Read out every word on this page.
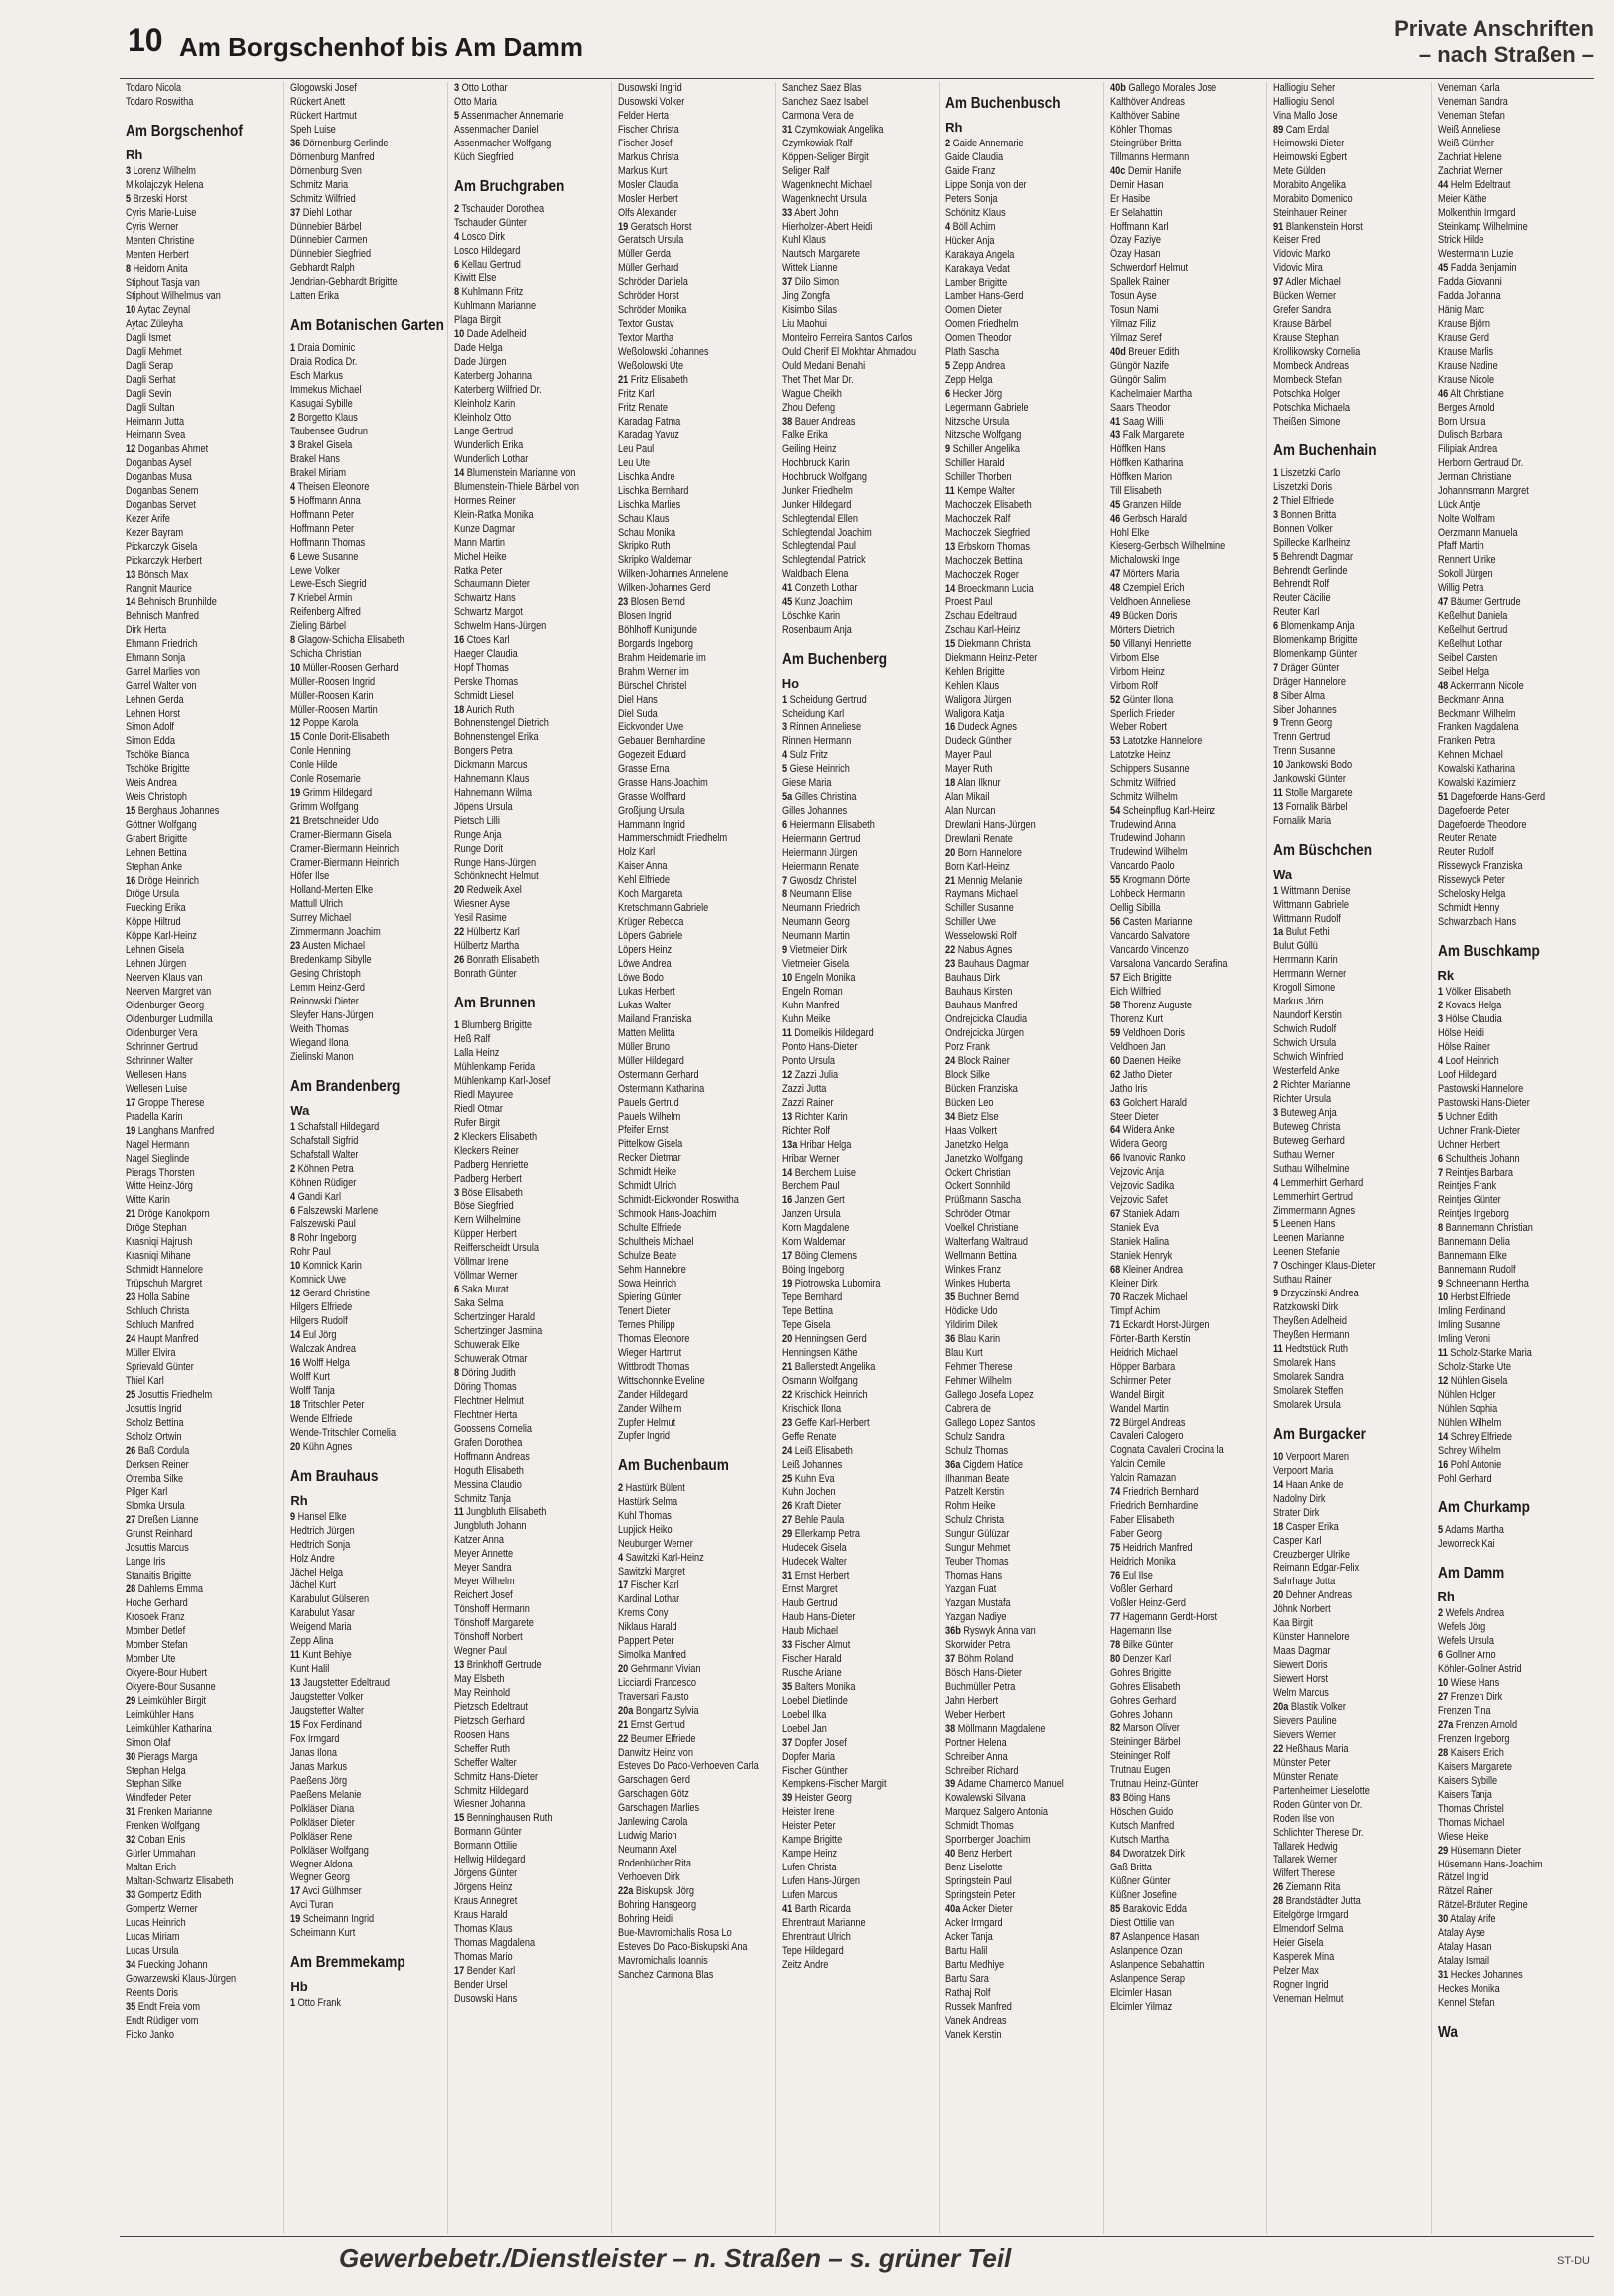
10 Am Borgschenhof bis Am Damm
Private Anschriften
– nach Straßen –
Todaro Nicola
Todaro Roswitha
Am Borgschenhof
Rh
3 Lorenz Wilhelm
Mikolajczyk Helena
5 Brzeski Horst
Cyris Marie-Luise
Cyris Werner
Menten Christine
Menten Herbert
8 Heidorn Anita
Stiphout Tasja van
Stiphout Wilhelmus van
10 Aytac Zeynal
Aytac Züleyha
Dagli Ismet
Dagli Mehmet
Dagli Serap
Dagli Serhat
Dagli Sevin
Dagli Sultan
Heimann Jutta
Heimann Svea
12 Doganbas Ahmet
Doganbas Aysel
Doganbas Musa
Doganbas Senem
Doganbas Servet
Kezer Arife
Kezer Bayram
Pickarczyk Gisela
Pickarczyk Herbert
13 Bönsch Max
Rangnit Maurice
14 Behnisch Brunhilde
Behnisch Manfred
Dirk Herta
Ehmann Friedrich
Ehmann Sonja
Garrel Marlies von
Garrel Walter von
Lehnen Gerda
Lehnen Horst
Simon Adolf
Simon Edda
Tschöke Bianca
Tschöke Brigitte
Weis Andrea
Weis Christoph
15 Berghaus Johannes
Göttner Wolfgang
Grabert Brigitte
Lehnen Bettina
Stephan Anke
16 Dröge Heinrich
Dröge Ursula
Fuecking Erika
Köppe Hiltrud
Köppe Karl-Heinz
Lehnen Gisela
Lehnen Jürgen
Neerven Klaus van
Neerven Margret van
Oldenburger Georg
Oldenburger Ludmilla
Oldenburger Vera
Schrinner Gertrud
Schrinner Walter
Wellesen Hans
Wellesen Luise
17 Groppe Therese
Pradella Karin
19 Langhans Manfred
Nagel Hermann
Nagel Sieglinde
Pierags Thorsten
Witte Heinz-Jörg
Witte Karin
21 Dröge Kanokporn
Dröge Stephan
Krasniqi Hajrush
Krasniqi Mihane
Schmidt Hannelore
Trüpschuh Margret
23 Holla Sabine
Schluch Christa
Schluch Manfred
24 Haupt Manfred
Müller Elvira
Sprievald Günter
Thiel Karl
25 Josuttis Friedhelm
Josuttis Ingrid
Scholz Bettina
Scholz Ortwin
26 Baß Cordula
Derksen Reiner
Otremba Silke
Pilger Karl
Slomka Ursula
27 Dreßen Lianne
Grunst Reinhard
Josuttis Marcus
Lange Iris
Stanaitis Brigitte
28 Dahlems Emma
Hoche Gerhard
Krosoek Franz
Momber Detlef
Momber Stefan
Momber Ute
Okyere-Bour Hubert
Okyere-Bour Susanne
29 Leimkühler Birgit
Leimkühler Hans
Leimkühler Katharina
Simon Olaf
30 Pierags Marga
Stephan Helga
Stephan Silke
Windfeder Peter
31 Frenken Marianne
Frenken Wolfgang
32 Coban Enis
Gürler Ummahan
Maltan Erich
Maltan-Schwartz Elisabeth
33 Gompertz Edith
Gompertz Werner
Lucas Heinrich
Lucas Miriam
Lucas Ursula
34 Fuecking Johann
Gowarzewski Klaus-Jürgen
Reents Doris
35 Endt Freia vom
Endt Rüdiger vom
Ficko Janko
Glogowski Josef
Rückert Anett
Rückert Hartmut
Speh Luise
36 Dörnenburg Gerlinde
Dörnenburg Manfred
Dörnenburg Sven
Schmitz Maria
Schmitz Wilfried
37 Diehl Lothar
Dünnebier Bärbel
Dünnebier Carmen
Dünnebier Siegfried
Gebhardt Ralph
Jendrian-Gebhardt Brigitte
Latten Erika
Am Botanischen Garten
1 Draia Dominic
Draia Rodica Dr.
Esch Markus
Immekus Michael
Kasugai Sybille
2 Borgetto Klaus
Taubensee Gudrun
3 Brakel Gisela
Brakel Hans
Brakel Miriam
4 Theisen Eleonore
5 Hoffmann Anna
Hoffmann Peter
Hoffmann Peter
Hoffmann Thomas
6 Lewe Susanne
Lewe Volker
Lewe-Esch Siegrid
7 Kriebel Armin
Reifenberg Alfred
Zieling Bärbel
8 Glagow-Schicha Elisabeth
Schicha Christian
10 Müller-Roosen Gerhard
Müller-Roosen Ingrid
Müller-Roosen Karin
Müller-Roosen Martin
12 Poppe Karola
15 Conle Dorit-Elisabeth
Conle Henning
Conle Hilde
Conle Rosemarie
19 Grimm Hildegard
Grimm Wolfgang
21 Bretschneider Udo
Cramer-Biermann Gisela
Cramer-Biermann Heinrich
Cramer-Biermann Heinrich
Höfer Ilse
Holland-Merten Elke
Mattull Ulrich
Surrey Michael
Zimmermann Joachim
23 Austen Michael
Bredenkamp Sibylle
Gesing Christoph
Lemm Heinz-Gerd
Reinowski Dieter
Sleyfer Hans-Jürgen
Weith Thomas
Wiegand Ilona
Zielinski Manon
Am Brandenberg
Wa
1 Schafstall Hildegard
Schafstall Sigfrid
Schafstall Walter
2 Köhnen Petra
Köhnen Rüdiger
4 Gandi Karl
6 Falszewski Marlene
Falszewski Paul
8 Rohr Ingeborg
Rohr Paul
10 Komnick Karin
Komnick Uwe
12 Gerard Christine
Hilgers Elfriede
Hilgers Rudolf
14 Eul Jörg
Walczak Andrea
16 Wolff Helga
Wolff Kurt
Wolff Tanja
18 Tritschler Peter
Wende Elfriede
Wende-Tritschler Cornelia
20 Kühn Agnes
Am Brauhaus
Rh
9 Hansel Elke
Hedtrich Jürgen
Hedtrich Sonja
Holz Andre
Jächel Helga
Jächel Kurt
Karabulut Gülseren
Karabulut Yasar
Weigend Maria
Zepp Alina
11 Kunt Behiye
Kunt Halil
13 Jaugstetter Edeltraud
Jaugstetter Volker
Jaugstetter Walter
15 Fox Ferdinand
Fox Irmgard
Janas Ilona
Janas Markus
Paeßens Jörg
Paeßens Melanie
Polkläser Diana
Polkläser Dieter
Polkläser Rene
Polkläser Wolfgang
Wegner Aldona
Wegner Georg
17 Avci Gülhmser
Avci Turan
19 Scheimann Ingrid
Scheimann Kurt
Am Bremmekamp
Hb
1 Otto Frank
3 Otto Lothar
Otto Maria
5 Assenmacher Annemarie
Assenmacher Daniel
Assenmacher Wolfgang
Küch Siegfried
Am Bruchgraben
2 Tschauder Dorothea
Tschauder Günter
4 Losco Dirk
Losco Hildegard
6 Kellau Gertrud
Kiwitt Else
8 Kuhlmann Fritz
Kuhlmann Marianne
Plaga Birgit
10 Dade Adelheid
Dade Helga
Dade Jürgen
Katerberg Johanna
Katerberg Wilfried Dr.
Kleinholz Karin
Kleinholz Otto
Lange Gertrud
Wunderlich Erika
Wunderlich Lothar
14 Blumenstein Marianne von
Blumenstein-Thiele Bärbel von
Hormes Reiner
Klein-Ratka Monika
Kunze Dagmar
Mann Martin
Michel Heike
Ratka Peter
Schaumann Dieter
Schwartz Hans
Schwartz Margot
Schwelm Hans-Jürgen
16 Ctoes Karl
Haeger Claudia
Hopf Thomas
Perske Thomas
Schmidt Liesel
18 Aurich Ruth
Bohnenstengel Dietrich
Bohnenstengel Erika
Bongers Petra
Dickmann Marcus
Hahnemann Klaus
Hahnemann Wilma
Jöpens Ursula
Pietsch Lilli
Runge Anja
Runge Dorit
Runge Hans-Jürgen
Schönknecht Helmut
20 Redweik Axel
Wiesner Ayse
Yesil Rasime
22 Hülbertz Karl
Hülbertz Martha
26 Bonrath Elisabeth
Bonrath Günter
Am Brunnen
1 Blumberg Brigitte
Heß Ralf
Lalla Heinz
Mühlenkamp Ferida
Mühlenkamp Karl-Josef
Riedl Mayuree
Riedl Otmar
Rufer Birgit
2 Kleckers Elisabeth
Kleckers Reiner
Padberg Henriette
Padberg Herbert
3 Böse Elisabeth
Böse Siegfried
Kern Wilhelmine
Küpper Herbert
Reifferscheidt Ursula
Völlmar Irene
Völlmar Werner
6 Saka Murat
Saka Selma
Schertzinger Harald
Schertzinger Jasmina
Schuwerak Elke
Schuwerak Otmar
8 Döring Judith
Döring Thomas
Flechtner Helmut
Flechtner Herta
Goossens Cornelia
Grafen Dorothea
Hoffmann Andreas
Hoguth Elisabeth
Messina Claudio
Schmitz Tanja
11 Jungbluth Elisabeth
Jungbluth Johann
Katzer Anna
Meyer Annette
Meyer Sandra
Meyer Wilhelm
Reichert Josef
Tönshoff Hermann
Tönshoff Margarete
Tönshoff Norbert
Wegner Paul
13 Brinkhoff Gertrude
May Elsbeth
May Reinhold
Pietzsch Edeltraut
Pietzsch Gerhard
Roosen Hans
Scheffer Ruth
Scheffer Walter
Schmitz Hans-Dieter
Schmitz Hildegard
Wiesner Johanna
15 Benninghausen Ruth
Bormann Günter
Bormann Ottilie
Hellwig Hildegard
Jörgens Günter
Jörgens Heinz
Kraus Annegret
Kraus Harald
Thomas Klaus
Thomas Magdalena
Thomas Mario
17 Bender Karl
Bender Ursel
Dusowski Hans
Dusowski Ingrid
Dusowski Volker
Felder Herta
Fischer Christa
Fischer Josef
Markus Christa
Markus Kurt
Mosler Claudia
Mosler Herbert
Olfs Alexander
19 Geratsch Horst
Geratsch Ursula
Müller Gerda
Müller Gerhard
Schröder Daniela
Schröder Horst
Schröder Monika
Textor Gustav
Textor Martha
Weßolowski Johannes
Weßolowski Ute
21 Fritz Elisabeth
Fritz Karl
Fritz Renate
Karadag Fatma
Karadag Yavuz
Leu Paul
Leu Ute
Lischka Andre
Lischka Bernhard
Lischka Marlies
Schau Klaus
Schau Monika
Skripko Ruth
Skripko Waldemar
Wilken-Johannes Annelene
Wilken-Johannes Gerd
23 Blosen Bernd
Blosen Ingrid
Böhlhoff Kunigunde
Borgards Ingeborg
Brahm Heidemarie im
Brahm Werner im
Bürschel Christel
Diel Hans
Diel Suda
Eickvonder Uwe
Gebauer Bernhardine
Gogezeit Eduard
Grasse Erna
Grasse Hans-Joachim
Grasse Wolfhard
Großjung Ursula
Hammann Ingrid
Hammerschmidt Friedhelm
Holz Karl
Kaiser Anna
Kehl Elfriede
Koch Margareta
Kretschmann Gabriele
Krüger Rebecca
Löpers Gabriele
Löpers Heinz
Löwe Andrea
Löwe Bodo
Lukas Herbert
Lukas Walter
Mailand Franziska
Matten Melitta
Müller Bruno
Müller Hildegard
Ostermann Gerhard
Ostermann Katharina
Pauels Gertrud
Pauels Wilhelm
Pfeifer Ernst
Pittelkow Gisela
Recker Dietmar
Schmidt Heike
Schmidt Ulrich
Schmidt-Eickvonder Roswitha
Schmook Hans-Joachim
Schulte Elfriede
Schultheis Michael
Schulze Beate
Sehm Hannelore
Sowa Heinrich
Spiering Günter
Tenert Dieter
Ternes Philipp
Thomas Eleonore
Wieger Hartmut
Wittbrodt Thomas
Wittschonnke Eveline
Zander Hildegard
Zander Wilhelm
Zupfer Helmut
Zupfer Ingrid
Am Buchenbaum
2 Hastürk Bülent
Hastürk Selma
Kuhl Thomas
Lupjick Heiko
Neuburger Werner
4 Sawitzki Karl-Heinz
Sawitzki Margret
17 Fischer Karl
Kardinal Lothar
Krems Cony
Niklaus Harald
Pappert Peter
Simolka Manfred
20 Gehrmann Vivian
Licciardi Francesco
Traversari Fausto
20a Bongartz Sylvia
21 Ernst Gertrud
22 Beumer Elfriede
Danwitz Heinz von
Esteves Do Paco-Verhoeven Carla
Garschagen Gerd
Garschagen Götz
Garschagen Marlies
Janlewing Carola
Ludwig Marion
Neumann Axel
Rodenbücher Rita
Verhoeven Dirk
22a Biskupski Jörg
Bohring Hansgeorg
Bohring Heidi
Bue-Mavromichalis Rosa Lo
Esteves Do Paco-Biskupski Ana
Mavromichalis Ioannis
Sanchez Carmona Blas
Sanchez Saez Blas
Sanchez Saez Isabel
Carmona Vera de
31 Czymkowiak Angelika
Czymkowiak Ralf
Köppen-Seliger Birgit
Seliger Ralf
Wagenknecht Michael
Wagenknecht Ursula
33 Abert John
Hierholzer-Abert Heidi
Kuhl Klaus
Nautsch Margarete
Wittek Lianne
37 Dilo Simon
Jing Zongfa
Kisimbo Silas
Liu Maohui
Monteiro Ferreira Santos Carlos
Ould Cherif El Mokhtar Ahmadou
Ould Medani Benahi
Thet Thet Mar Dr.
Wague Cheikh
Zhou Defeng
38 Bauer Andreas
Falke Erika
Geiling Heinz
Hochbruck Karin
Hochbruck Wolfgang
Junker Friedhelm
Junker Hildegard
Schlegtendal Ellen
Schlegtendal Joachim
Schlegtendal Paul
Schlegtendal Patrick
Waldbach Elena
41 Conzeth Lothar
45 Kunz Joachim
Löschke Karin
Rosenbaum Anja
Am Buchenberg
Ho
1 Scheidung Gertrud
Scheidung Karl
3 Rinnen Anneliese
Rinnen Hermann
4 Sulz Fritz
5 Giese Heinrich
Giese Maria
5a Gilles Christina
Gilles Johannes
6 Heiermann Elisabeth
Heiermann Gertrud
Heiermann Jürgen
Heiermann Renate
7 Gwosdz Christel
8 Neumann Elise
Neumann Friedrich
Neumann Georg
Neumann Martin
9 Vietmeier Dirk
Vietmeier Gisela
10 Engeln Monika
Engeln Roman
Kuhn Manfred
Kuhn Meike
11 Domeikis Hildegard
Ponto Hans-Dieter
Ponto Ursula
12 Zazzi Julia
Zazzi Jutta
Zazzi Rainer
13 Richter Karin
Richter Rolf
13a Hribar Helga
Hribar Werner
14 Berchem Luise
Berchem Paul
16 Janzen Gert
Janzen Ursula
Korn Magdalene
Korn Waldemar
17 Böing Clemens
Böing Ingeborg
19 Piotrowska Lubomira
Tepe Bernhard
Tepe Bettina
Tepe Gisela
20 Henningsen Gerd
Henningsen Käthe
21 Ballerstedt Angelika
Osmann Wolfgang
22 Krischick Heinrich
Krischick Ilona
23 Geffe Karl-Herbert
Geffe Renate
24 Leiß Elisabeth
Leiß Johannes
25 Kuhn Eva
Kuhn Jochen
26 Kraft Dieter
27 Behle Paula
29 Ellerkamp Petra
Hudecek Gisela
Hudecek Walter
31 Ernst Herbert
Ernst Margret
Haub Gertrud
Haub Hans-Dieter
Haub Michael
33 Fischer Almut
Fischer Harald
Rusche Ariane
35 Balters Monika
Loebel Dietlinde
Loebel Ilka
Loebel Jan
37 Dopfer Josef
Dopfer Maria
Fischer Günther
Kempkens-Fischer Margit
39 Heister Georg
Heister Irene
Heister Peter
Kampe Brigitte
Kampe Heinz
Lufen Christa
Lufen Hans-Jürgen
Lufen Marcus
41 Barth Ricarda
Ehrentraut Marianne
Ehrentraut Ulrich
Tepe Hildegard
Zeitz Andre
Am Buchenbusch
Rh
2 Gaide Annemarie
Gaide Claudia
Gaide Franz
Lippe Sonja von der
Peters Sonja
Schönitz Klaus
4 Böll Achim
Hücker Anja
Karakaya Angela
Karakaya Vedat
Lamber Brigitte
Lamber Hans-Gerd
Oomen Dieter
Oomen Friedhelm
Oomen Theodor
Plath Sascha
5 Zepp Andrea
Zepp Helga
6 Hecker Jörg
Legermann Gabriele
Nitzsche Ursula
Nitzsche Wolfgang
9 Schiller Angelika
Schiller Harald
Schiller Thorben
11 Kempe Walter
Machoczek Elisabeth
Machoczek Ralf
Machoczek Siegfried
13 Erbskorn Thomas
Machoczek Bettina
Machoczek Roger
14 Broeckmann Lucia
Proest Paul
Zschau Edeltraud
Zschau Karl-Heinz
15 Diekmann Christa
Diekmann Heinz-Peter
Kehlen Brigitte
Kehlen Klaus
Waligora Jürgen
Waligora Katja
16 Dudeck Agnes
Dudeck Günther
Mayer Paul
Mayer Ruth
18 Alan Ilknur
Alan Mikail
Alan Nurcan
Drewlani Hans-Jürgen
Drewlani Renate
20 Born Hannelore
Born Karl-Heinz
21 Mennig Melanie
Raymans Michael
Schiller Susanne
Schiller Uwe
Wesselowski Rolf
22 Nabus Agnes
23 Bauhaus Dagmar
Bauhaus Dirk
Bauhaus Kirsten
Bauhaus Manfred
Ondrejcicka Claudia
Ondrejcicka Jürgen
Porz Frank
24 Block Rainer
Block Silke
Bücken Franziska
Bücken Leo
34 Bietz Else
Haas Volkert
Janetzko Helga
Janetzko Wolfgang
Ockert Christian
Ockert Sonnhild
Prüßmann Sascha
Schröder Otmar
Voelkel Christiane
Walterfang Waltraud
Wellmann Bettina
Winkes Franz
Winkes Huberta
35 Buchner Bernd
Hödicke Udo
Yildirim Dilek
36 Blau Karin
Blau Kurt
Fehmer Therese
Fehmer Wilhelm
Gallego Josefa Lopez
Cabrera de
Gallego Lopez Santos
Schulz Sandra
Schulz Thomas
36a Cigdem Hatice
Ilhanman Beate
Patzelt Kerstin
Rohm Heike
Schulz Christa
Sungur Gülüzar
Sungur Mehmet
Teuber Thomas
Thomas Hans
Yazgan Fuat
Yazgan Mustafa
Yazgan Nadiye
36b Ryswyk Anna van
Skorwider Petra
37 Böhm Roland
Bösch Hans-Dieter
Buchmüller Petra
Jahn Herbert
Weber Herbert
38 Möllmann Magdalene
Portner Helena
Schreiber Anna
Schreiber Richard
39 Adame Chamerco Manuel
Kowalewski Silvana
Marquez Salgero Antonia
Schmidt Thomas
Sporrberger Joachim
40 Benz Herbert
Benz Liselotte
Springstein Paul
Springstein Peter
40a Acker Dieter
Acker Irmgard
Acker Tanja
Bartu Halil
Bartu Medhiye
Bartu Sara
Rathaj Rolf
Russek Manfred
Vanek Andreas
Vanek Kerstin
40b Gallego Morales Jose
Kalthöver Andreas
Kalthöver Sabine
Köhler Thomas
Steingrüber Britta
Tillmanns Hermann
40c Demir Hanife
Demir Hasan
Er Hasibe
Er Selahattin
Hoffmann Karl
Özay Faziye
Özay Hasan
Schwerdorf Helmut
Spallek Rainer
Tosun Ayse
Tosun Nami
Yilmaz Filiz
Yilmaz Seref
40d Breuer Edith
Güngör Nazife
Güngör Salim
Kachelmaier Martha
Saars Theodor
41 Saag Willi
43 Falk Margarete
Höffken Hans
Höffken Katharina
Höffken Marion
Till Elisabeth
45 Granzen Hilde
46 Gerbsch Harald
Hohl Elke
Kieserg-Gerbsch Wilhelmine
Michalowski Inge
47 Mörters Maria
48 Czempiel Erich
Veldhoen Anneliese
49 Bücken Doris
Mörters Dietrich
50 Villanyi Henriette
Virbom Else
Virbom Heinz
Virbom Rolf
52 Günter Ilona
Sperlich Frieder
Weber Robert
53 Latotzke Hannelore
Latotzke Heinz
Schippers Susanne
Schmitz Wilfried
Schmitz Wilhelm
54 Scheinpflug Karl-Heinz
Trudewind Anna
Trudewind Johann
Trudewind Wilhelm
Vancardo Paolo
55 Krogmann Dörte
Lohbeck Hermann
Oellig Sibilla
56 Casten Marianne
Vancardo Salvatore
Vancardo Vincenzo
Varsalona Vancardo Serafina
57 Eich Brigitte
Eich Wilfried
58 Thorenz Auguste
Thorenz Kurt
59 Veldhoen Doris
Veldhoen Jan
60 Daenen Heike
62 Jatho Dieter
Jatho Iris
63 Golchert Harald
Steer Dieter
64 Widera Anke
Widera Georg
66 Ivanovic Ranko
Vejzovic Anja
Vejzovic Sadika
Vejzovic Safet
67 Staniek Adam
Staniek Eva
Staniek Halina
Staniek Henryk
68 Kleiner Andrea
Kleiner Dirk
70 Raczek Michael
Timpf Achim
71 Eckardt Horst-Jürgen
Förter-Barth Kerstin
Heidrich Michael
Höpper Barbara
Schirmer Peter
Wandel Birgit
Wandel Martin
72 Bürgel Andreas
Cavaleri Calogero
Cognata Cavaleri Crocina la
Yalcin Cemile
Yalcin Ramazan
74 Friedrich Bernhard
Friedrich Bernhardine
Faber Elisabeth
Faber Georg
75 Heidrich Manfred
Heidrich Monika
76 Eul Ilse
Voßler Gerhard
Voßler Heinz-Gerd
77 Hagemann Gerdt-Horst
Hagemann Ilse
78 Bilke Günter
80 Denzer Karl
Gohres Brigitte
Gohres Elisabeth
Gohres Gerhard
Gohres Johann
82 Marson Oliver
Steininger Bärbel
Steininger Rolf
Trutnau Eugen
Trutnau Heinz-Günter
83 Böing Hans
Höschen Guido
Kutsch Manfred
Kutsch Martha
84 Dworatzek Dirk
Gaß Britta
Küßner Günter
Küßner Josefine
85 Barakovic Edda
Diest Ottilie van
87 Aslanpence Hasan
Aslanpence Ozan
Aslanpence Sebahattin
Aslanpence Serap
Elcimler Hasan
Elcimler Yilmaz
Halliogiu Seher
Halliogiu Senol
Vina Mallo Jose
89 Cam Erdal
Heimowski Dieter
Heimowski Egbert
Mete Gülden
Morabito Angelika
Morabito Domenico
Steinhauer Reiner
91 Blankenstein Horst
Keiser Fred
Vidovic Marko
Vidovic Mira
97 Adler Michael
Bücken Werner
Grefer Sandra
Krause Bärbel
Krause Stephan
Krollikowsky Cornelia
Mombeck Andreas
Mombeck Stefan
Potschka Holger
Potschka Michaela
Theißen Simone
Am Buchenhain
1 Liszetzki Carlo
Liszetzki Doris
2 Thiel Elfriede
3 Bonnen Britta
Bonnen Volker
Spillecke Karlheinz
5 Behrendt Dagmar
Behrendt Gerlinde
Behrendt Rolf
Reuter Cäcilie
Reuter Karl
6 Blomenkamp Anja
Blomenkamp Brigitte
Blomenkamp Günter
7 Dräger Günter
Dräger Hannelore
8 Siber Alma
Siber Johannes
9 Trenn Georg
Trenn Gertrud
Trenn Susanne
10 Jankowski Bodo
Jankowski Günter
11 Stolle Margarete
13 Fornalik Bärbel
Fornalik Maria
Am Büschchen
Wa
1 Wittmann Denise
Wittmann Gabriele
Wittmann Rudolf
1a Bulut Fethi
Bulut Güllü
Herrmann Karin
Herrmann Werner
Krogoll Simone
Markus Jörn
Naundorf Kerstin
Schwich Rudolf
Schwich Ursula
Schwich Winfried
Westerfeld Anke
2 Richter Marianne
Richter Ursula
3 Buteweg Anja
Buteweg Christa
Buteweg Gerhard
Suthau Werner
Suthau Wilhelmine
4 Lemmerhirt Gerhard
Lemmerhirt Gertrud
Zimmermann Agnes
5 Leenen Hans
Leenen Marianne
Leenen Stefanie
7 Oschinger Klaus-Dieter
Suthau Rainer
9 Drzyczinski Andrea
Ratzkowski Dirk
Theyßen Adelheid
Theyßen Hermann
11 Hedtstück Ruth
Smolarek Hans
Smolarek Sandra
Smolarek Steffen
Smolarek Ursula
Am Burgacker
10 Verpoort Maren
Verpoort Maria
14 Haan Anke de
Nadolny Dirk
Strater Dirk
18 Casper Erika
Casper Karl
Creuzberger Ulrike
Reimann Edgar-Felix
Sahrhage Jutta
20 Dehner Andreas
Jöhnk Norbert
Kaa Birgit
Künster Hannelore
Maas Dagmar
Siewert Doris
Siewert Horst
Welm Marcus
20a Blastik Volker
Sievers Pauline
Sievers Werner
22 Heßhaus Maria
Münster Peter
Münster Renate
Partenheimer Lieselotte
Roden Günter von Dr.
Roden Ilse von
Schlichter Therese Dr.
Tallarek Hedwig
Tallarek Werner
Wilfert Therese
26 Ziemann Rita
28 Brandstädter Jutta
Eitelgörge Irmgard
Elmendorf Selma
Heier Gisela
Kasperek Mina
Pelzer Max
Rogner Ingrid
Veneman Helmut
Veneman Karla
Veneman Sandra
Veneman Stefan
Weiß Anneliese
Weiß Günther
Zachriat Helene
Zachriat Werner
44 Helm Edeltraut
Meier Käthe
Molkenthin Irmgard
Steinkamp Wilhelmine
Strick Hilde
Westermann Luzie
45 Fadda Benjamin
Fadda Giovanni
Fadda Johanna
Hänig Marc
Krause Björn
Krause Gerd
Krause Marlis
Krause Nadine
Krause Nicole
46 Alt Christiane
Berges Arnold
Born Ursula
Dulisch Barbara
Filipiak Andrea
Herborn Gertraud Dr.
Jerman Christiane
Johannsmann Margret
Lück Antje
Nolte Wolfram
Oerzmann Manuela
Pfaff Martin
Rennert Ulrike
Sokoll Jürgen
Willig Petra
47 Bäumer Gertrude
Keßelhut Daniela
Keßelhut Gertrud
Keßelhut Lothar
Seibel Carsten
Seibel Helga
48 Ackermann Nicole
Beckmann Anna
Beckmann Wilhelm
Franken Magdalena
Franken Petra
Kehnen Michael
Kowalski Katharina
Kowalski Kazimierz
51 Dagefoerde Hans-Gerd
Dagefoerde Peter
Dagefoerde Theodore
Reuter Renate
Reuter Rudolf
Rissewyck Franziska
Rissewyck Peter
Schelosky Helga
Schmidt Henny
Schwarzbach Hans
Am Buschkamp
Rk
1 Völker Elisabeth
2 Kovacs Helga
3 Hölse Claudia
Hölse Heidi
Hölse Rainer
4 Loof Heinrich
Loof Hildegard
Pastowski Hannelore
Pastowski Hans-Dieter
5 Uchner Edith
Uchner Frank-Dieter
Uchner Herbert
6 Schultheis Johann
7 Reintjes Barbara
Reintjes Frank
Reintjes Günter
Reintjes Ingeborg
8 Bannemann Christian
Bannemann Delia
Bannemann Elke
Bannemann Rudolf
9 Schneemann Hertha
10 Herbst Elfriede
Imling Ferdinand
Imling Susanne
Imling Veroni
11 Scholz-Starke Maria
Scholz-Starke Ute
12 Nühlen Gisela
Nühlen Holger
Nühlen Sophia
Nühlen Wilhelm
14 Schrey Elfriede
Schrey Wilhelm
16 Pohl Antonie
Pohl Gerhard
Am Churkamp
5 Adams Martha
Jeworreck Kai
Am Damm
Rh
2 Wefels Andrea
Wefels Jörg
Wefels Ursula
6 Gollner Arno
Köhler-Gollner Astrid
10 Wiese Hans
27 Frenzen Dirk
Frenzen Tina
27a Frenzen Arnold
Frenzen Ingeborg
28 Kaisers Erich
Kaisers Margarete
Kaisers Sybille
Kaisers Tanja
Thomas Christel
Thomas Michael
Wiese Heike
29 Hüsemann Dieter
Hüsemann Hans-Joachim
Rätzel Ingrid
Rätzel Rainer
Rätzel-Bräuter Regine
30 Atalay Arife
Atalay Ayse
Atalay Hasan
Atalay Ismail
31 Heckes Johannes
Heckes Monika
Kennel Stefan
Wa
Gewerbebetr./Dienstleister – n. Straßen – s. grüner Teil	ST-DU
